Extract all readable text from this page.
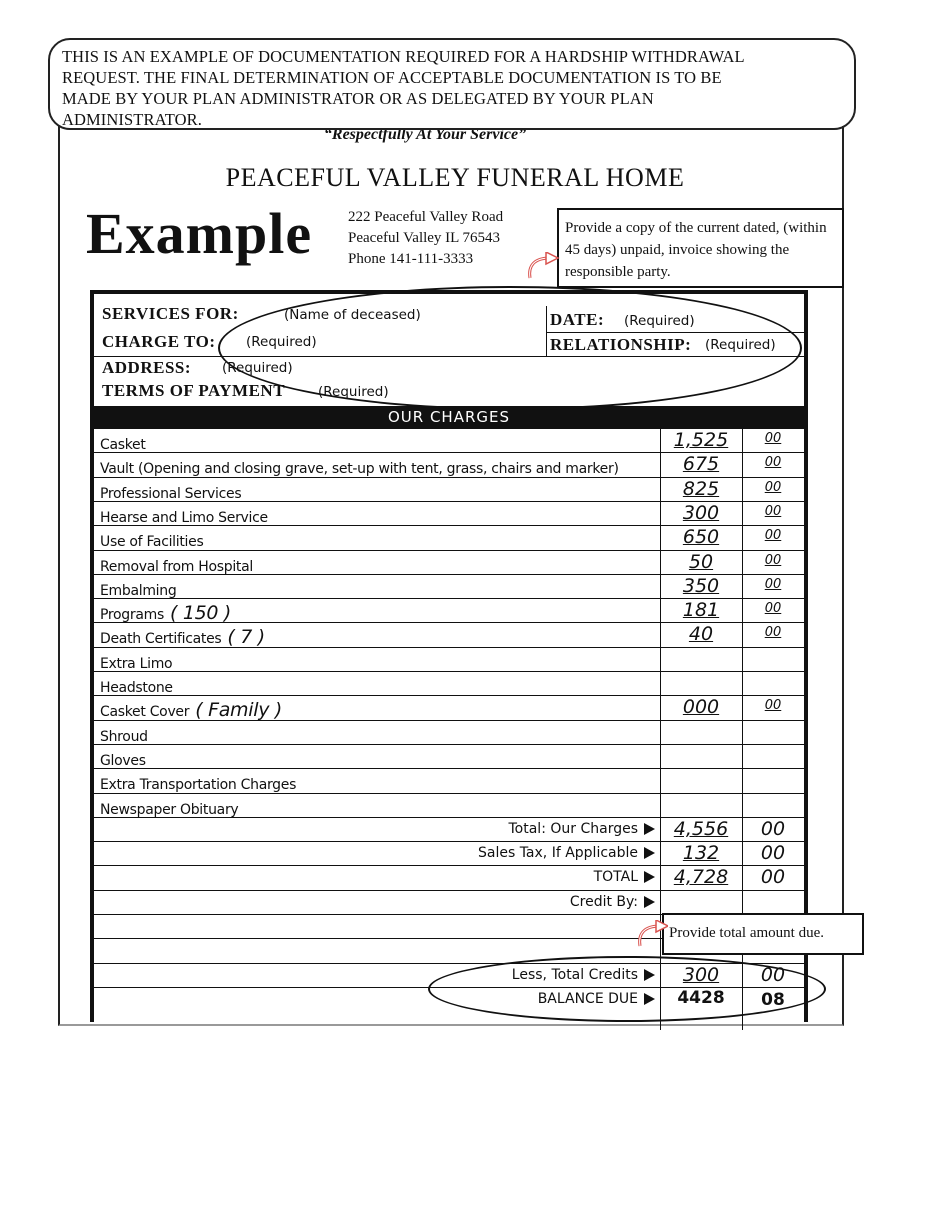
THIS IS AN EXAMPLE OF DOCUMENTATION REQUIRED FOR A HARDSHIP WITHDRAWAL
REQUEST. THE FINAL DETERMINATION OF ACCEPTABLE DOCUMENTATION IS TO BE
MADE BY YOUR PLAN ADMINISTRATOR OR AS DELEGATED BY YOUR PLAN
ADMINISTRATOR.
“Respectfully At Your Service”
PEACEFUL VALLEY FUNERAL HOME
Example 222 Peaceful Valley Road
Peaceful Valley IL 76543
Phone 141-111-3333
Provide a copy of the current dated, (within 45 days) unpaid, invoice showing the responsible party.
SERVICES FOR:	(Name of deceased)	DATE: (Required)
CHARGE TO: (Required)	RELATIONSHIP: (Required)
ADDRESS: (Required)
TERMS OF PAYMENT (Required)
OUR CHARGES
Casket	1,525	00
Vault (Opening and closing grave, set-up with tent, grass, chairs and marker)	675	00
Professional Services	825	00
Hearse and Limo Service	300	00
Use of Facilities	650	00
Removal from Hospital	50	00
Embalming	350	00
Programs ( 150 )	181	00
Death Certificates ( 7 )	40	00
Extra Limo
Headstone
Casket Cover ( Family )	000	00
Shroud
Gloves
Extra Transportation Charges
Newspaper Obituary
Total: Our Charges	4,556	00
Sales Tax, If Applicable	132	00
TOTAL	4,728	00
Credit By:
Less, Total Credits	300	00
BALANCE DUE	4428	08
Provide total amount due.
